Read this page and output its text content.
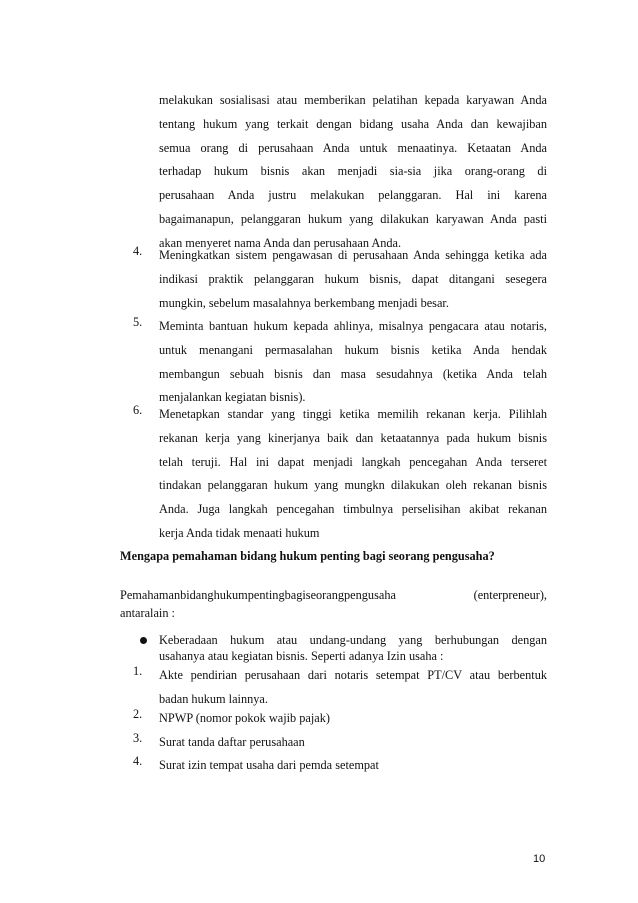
melakukan sosialisasi atau memberikan pelatihan kepada karyawan Anda
tentang hukum yang terkait dengan bidang usaha Anda dan kewajiban
semua orang di perusahaan Anda untuk menaatinya. Ketaatan Anda
terhadap hukum bisnis akan menjadi sia-sia jika orang-orang di
perusahaan Anda justru melakukan pelanggaran. Hal ini karena
bagaimanapun, pelanggaran hukum yang dilakukan karyawan Anda pasti
akan menyeret nama Anda dan perusahaan Anda.
4.	Meningkatkan sistem pengawasan di perusahaan Anda sehingga ketika ada
indikasi praktik pelanggaran hukum bisnis, dapat ditangani sesegera
mungkin, sebelum masalahnya berkembang menjadi besar.
5.	Meminta bantuan hukum kepada ahlinya, misalnya pengacara atau notaris,
untuk menangani permasalahan hukum bisnis ketika Anda hendak
membangun sebuah bisnis dan masa sesudahnya (ketika Anda telah
menjalankan kegiatan bisnis).
6.	Menetapkan standar yang tinggi ketika memilih rekanan kerja. Pilihlah
rekanan kerja yang kinerjanya baik dan ketaatannya pada hukum bisnis
telah teruji. Hal ini dapat menjadi langkah pencegahan Anda terseret
tindakan pelanggaran hukum yang mungkn dilakukan oleh rekanan bisnis
Anda. Juga langkah pencegahan timbulnya perselisihan akibat rekanan
kerja Anda tidak menaati hukum
Mengapa pemahaman bidang hukum penting bagi seorang pengusaha?
Pemahamanbidanghukumpentingbagiseorangpengusaha	(enterpreneur),
antaralain :
Keberadaan hukum atau undang-undang yang berhubungan dengan
usahanya atau kegiatan bisnis. Seperti adanya Izin usaha :
1.	Akte pendirian perusahaan dari notaris setempat PT/CV atau berbentuk
badan hukum lainnya.
2.	NPWP (nomor pokok wajib pajak)
3.	Surat tanda daftar perusahaan
4.	Surat izin tempat usaha dari pemda setempat
10
